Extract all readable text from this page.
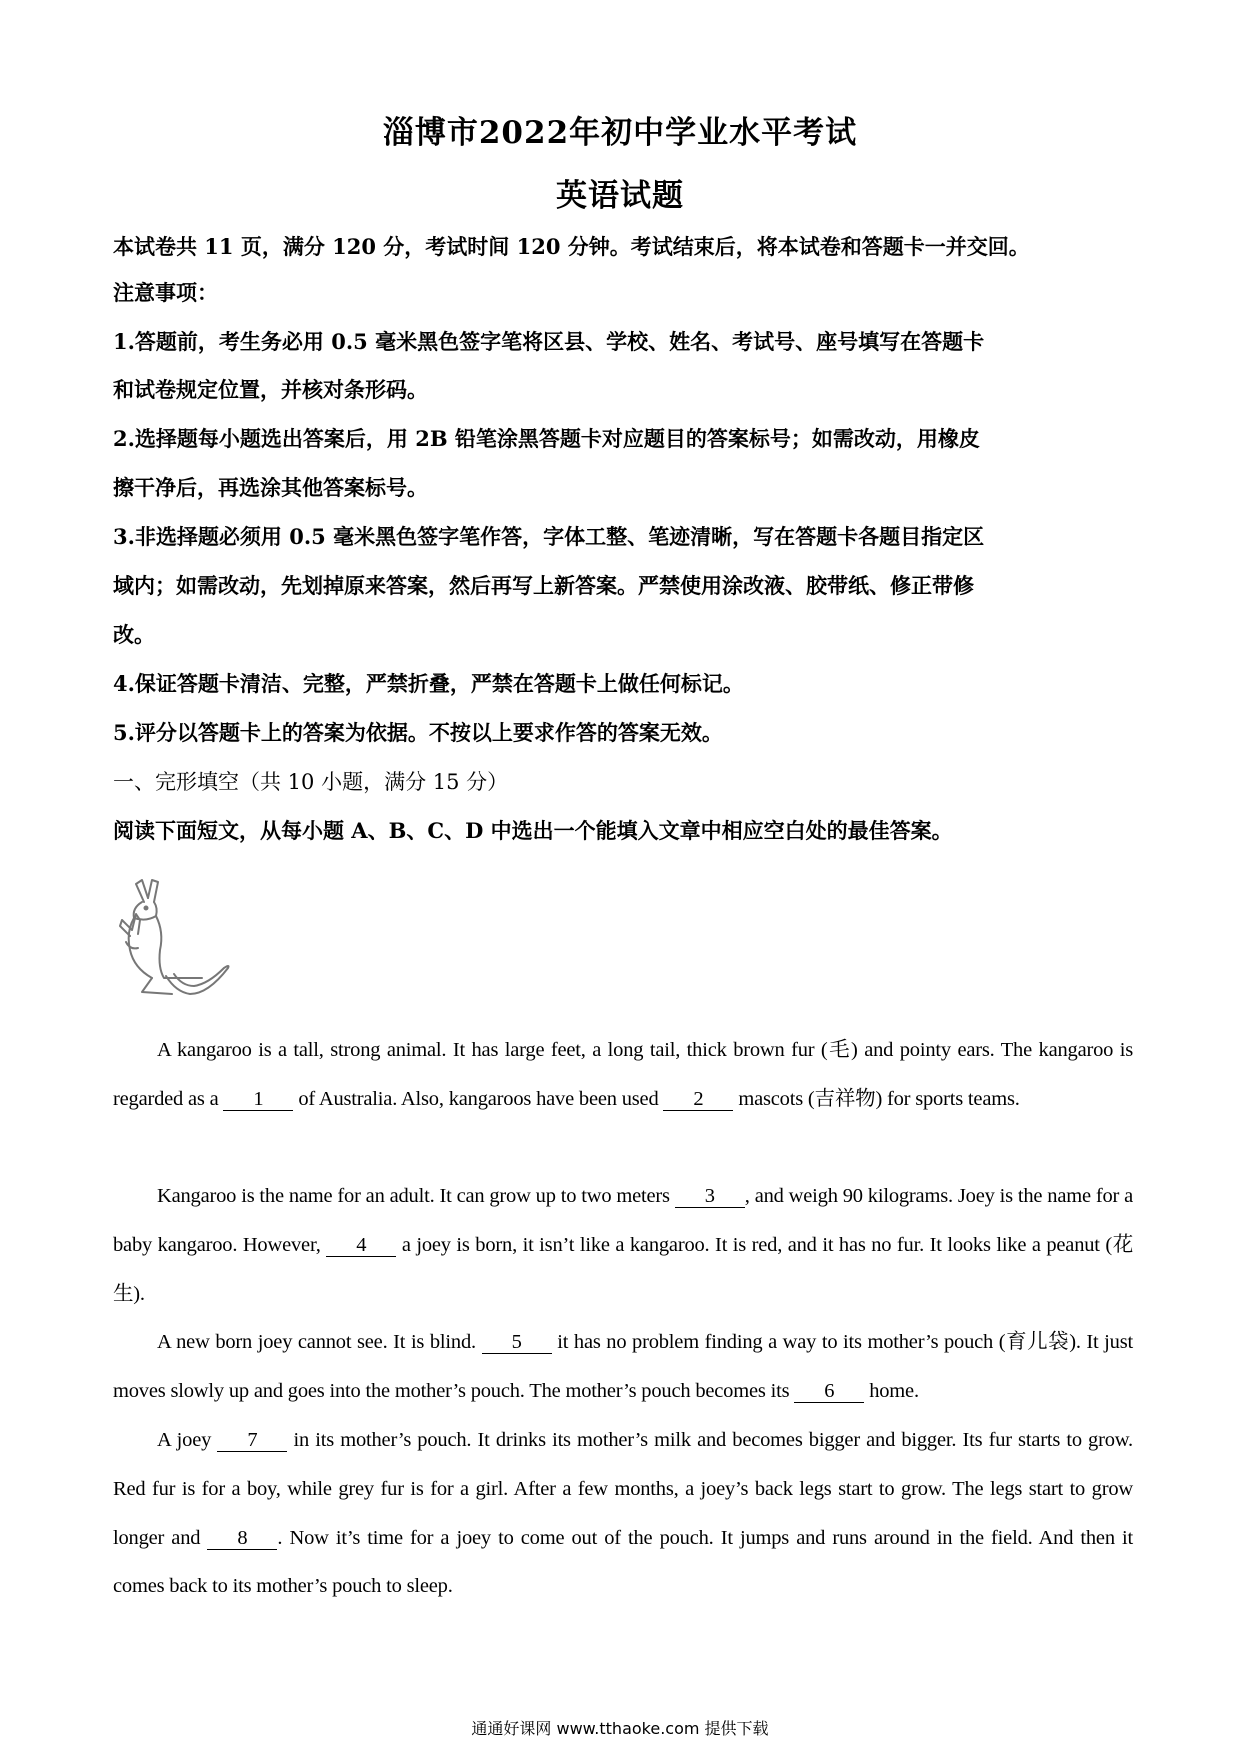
淄博市2022年初中学业水平考试
英语试题
本试卷共 11 页，满分 120 分，考试时间 120 分钟。考试结束后，将本试卷和答题卡一并交回。
注意事项：
1.答题前，考生务必用 0.5 毫米黑色签字笔将区县、学校、姓名、考试号、座号填写在答题卡
和试卷规定位置，并核对条形码。
2.选择题每小题选出答案后，用 2B 铅笔涂黑答题卡对应题目的答案标号；如需改动，用橡皮
擦干净后，再选涂其他答案标号。
3.非选择题必须用 0.5 毫米黑色签字笔作答，字体工整、笔迹清晰，写在答题卡各题目指定区
域内；如需改动，先划掉原来答案，然后再写上新答案。严禁使用涂改液、胶带纸、修正带修
改。
4.保证答题卡清洁、完整，严禁折叠，严禁在答题卡上做任何标记。
5.评分以答题卡上的答案为依据。不按以上要求作答的答案无效。
一、完形填空（共 10 小题，满分 15 分）
阅读下面短文，从每小题 A、B、C、D 中选出一个能填入文章中相应空白处的最佳答案。

A kangaroo is a tall, strong animal. It has large feet, a long tail, thick brown fur (毛) and pointy ears. The kangaroo is regarded as a 1 of Australia. Also, kangaroos have been used 2 mascots (吉祥物) for sports teams.

Kangaroo is the name for an adult. It can grow up to two meters 3 , and weigh 90 kilograms. Joey is the name for a baby kangaroo. However, 4 a joey is born, it isn’t like a kangaroo. It is red, and it has no fur. It looks like a peanut (花生).

A new born joey cannot see. It is blind. 5 it has no problem finding a way to its mother’s pouch (育儿袋). It just moves slowly up and goes into the mother’s pouch. The mother’s pouch becomes its 6 home.

A joey 7 in its mother’s pouch. It drinks its mother’s milk and becomes bigger and bigger. Its fur starts to grow. Red fur is for a boy, while grey fur is for a girl. After a few months, a joey’s back legs start to grow. The legs start to grow longer and 8 . Now it’s time for a joey to come out of the pouch. It jumps and runs around in the field. And then it comes back to its mother’s pouch to sleep.

通通好课网 www.tthaoke.com 提供下载
